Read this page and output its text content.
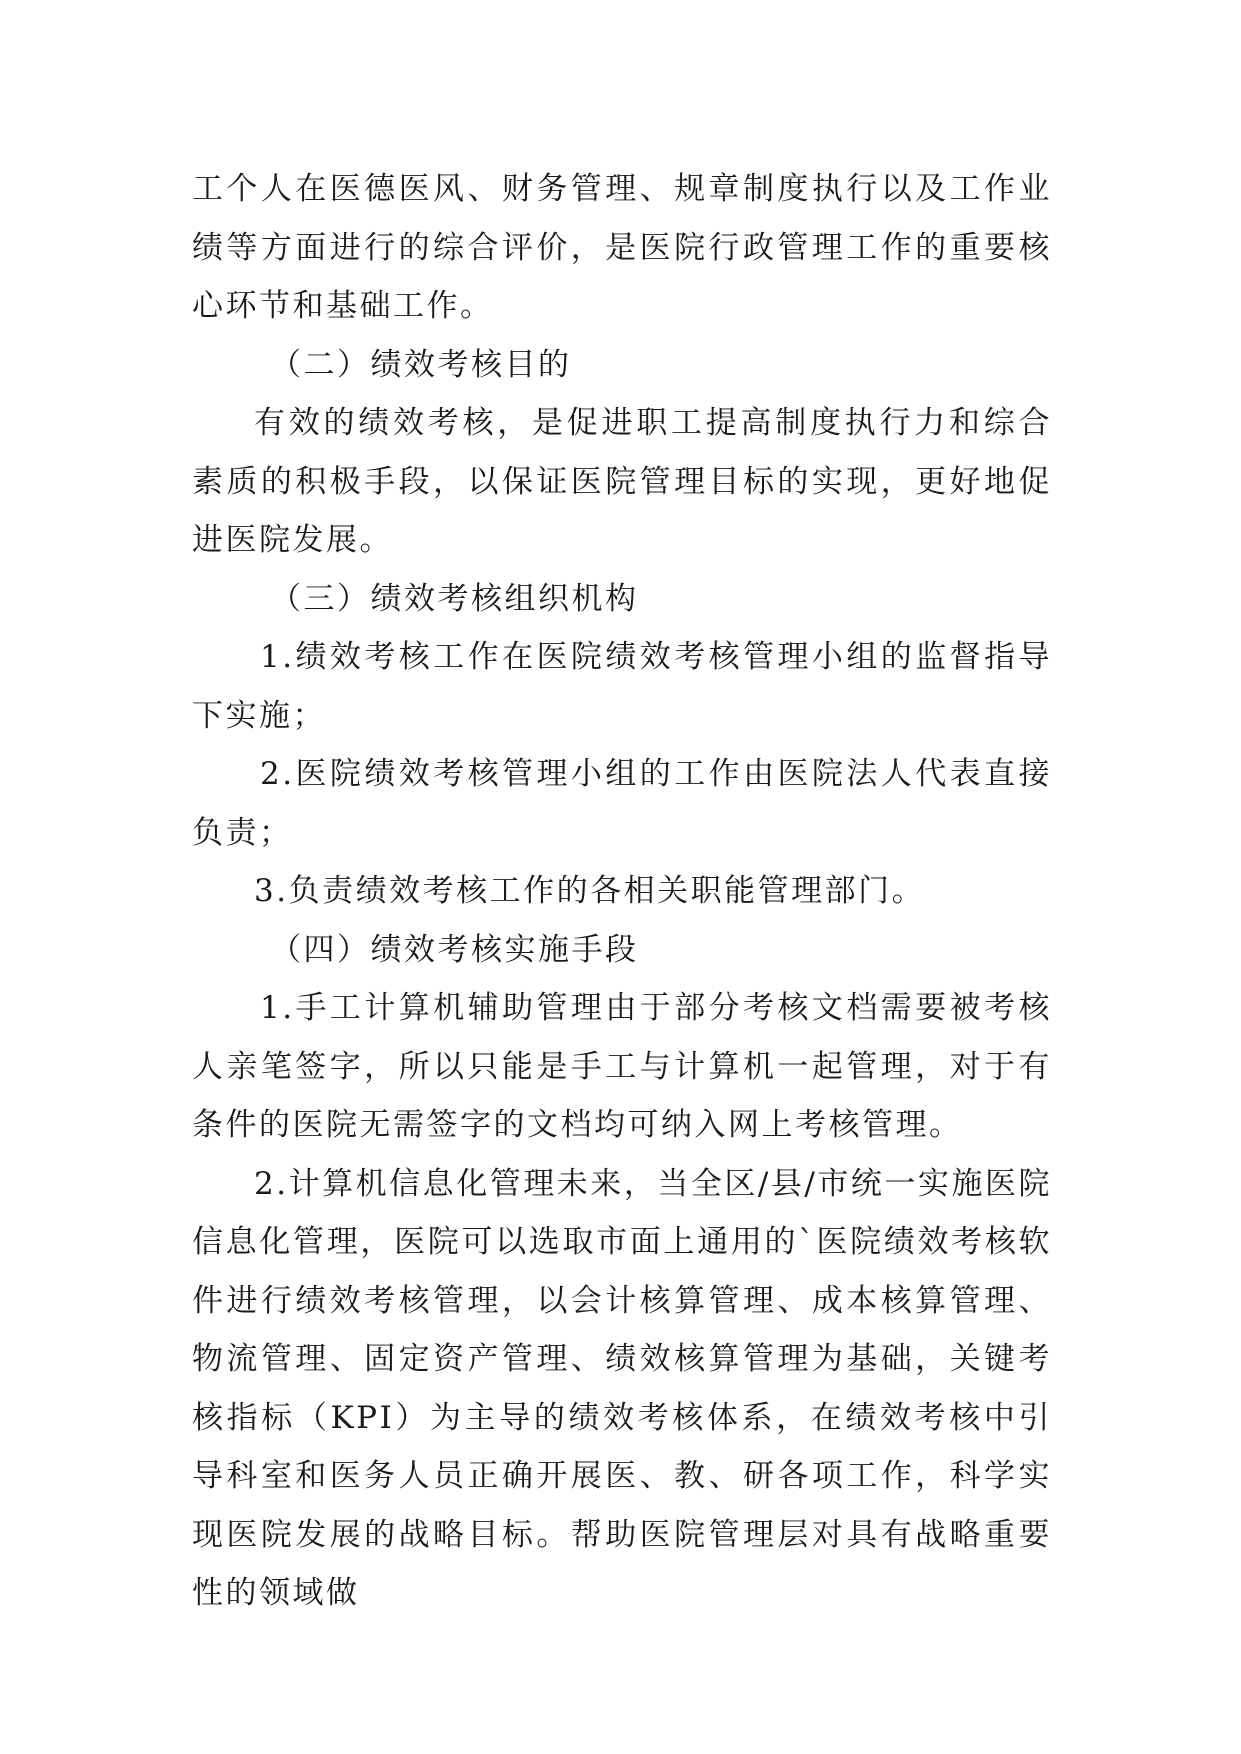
工个人在医德医风、财务管理、规章制度执行以及工作业绩等方面进行的综合评价，是医院行政管理工作的重要核心环节和基础工作。

（二）绩效考核目的

有效的绩效考核，是促进职工提高制度执行力和综合素质的积极手段，以保证医院管理目标的实现，更好地促进医院发展。

（三）绩效考核组织机构

1.绩效考核工作在医院绩效考核管理小组的监督指导下实施；

2.医院绩效考核管理小组的工作由医院法人代表直接负责；

3.负责绩效考核工作的各相关职能管理部门。

（四）绩效考核实施手段

1.手工计算机辅助管理由于部分考核文档需要被考核人亲笔签字，所以只能是手工与计算机一起管理，对于有条件的医院无需签字的文档均可纳入网上考核管理。

2.计算机信息化管理未来，当全区/县/市统一实施医院信息化管理，医院可以选取市面上通用的`医院绩效考核软件进行绩效考核管理，以会计核算管理、成本核算管理、物流管理、固定资产管理、绩效核算管理为基础，关键考核指标（KPI）为主导的绩效考核体系，在绩效考核中引导科室和医务人员正确开展医、教、研各项工作，科学实现医院发展的战略目标。帮助医院管理层对具有战略重要性的领域做
